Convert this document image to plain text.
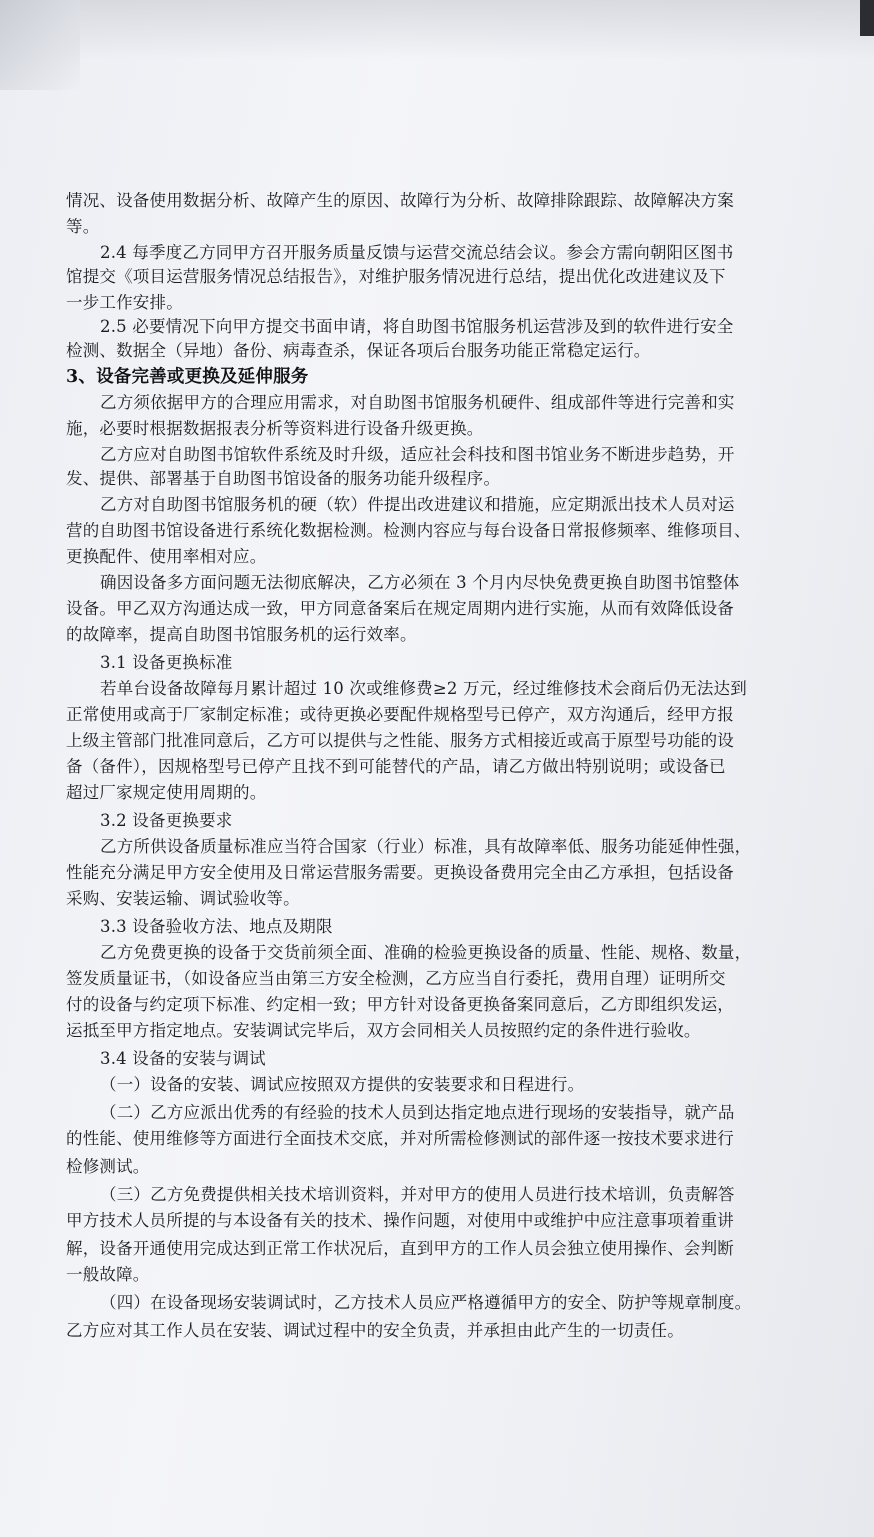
情况、设备使用数据分析、故障产生的原因、故障行为分析、故障排除跟踪、故障解决方案
等。
2.4 每季度乙方同甲方召开服务质量反馈与运营交流总结会议。参会方需向朝阳区图书
馆提交《项目运营服务情况总结报告》，对维护服务情况进行总结，提出优化改进建议及下
一步工作安排。
2.5 必要情况下向甲方提交书面申请，将自助图书馆服务机运营涉及到的软件进行安全
检测、数据全（异地）备份、病毒查杀，保证各项后台服务功能正常稳定运行。
3、设备完善或更换及延伸服务
乙方须依据甲方的合理应用需求，对自助图书馆服务机硬件、组成部件等进行完善和实
施，必要时根据数据报表分析等资料进行设备升级更换。
乙方应对自助图书馆软件系统及时升级，适应社会科技和图书馆业务不断进步趋势，开
发、提供、部署基于自助图书馆设备的服务功能升级程序。
乙方对自助图书馆服务机的硬（软）件提出改进建议和措施，应定期派出技术人员对运
营的自助图书馆设备进行系统化数据检测。检测内容应与每台设备日常报修频率、维修项目、
更换配件、使用率相对应。
确因设备多方面问题无法彻底解决，乙方必须在 3 个月内尽快免费更换自助图书馆整体
设备。甲乙双方沟通达成一致，甲方同意备案后在规定周期内进行实施，从而有效降低设备
的故障率，提高自助图书馆服务机的运行效率。
3.1 设备更换标准
若单台设备故障每月累计超过 10 次或维修费≥2 万元，经过维修技术会商后仍无法达到
正常使用或高于厂家制定标准；或待更换必要配件规格型号已停产，双方沟通后，经甲方报
上级主管部门批准同意后，乙方可以提供与之性能、服务方式相接近或高于原型号功能的设
备（备件），因规格型号已停产且找不到可能替代的产品，请乙方做出特别说明；或设备已
超过厂家规定使用周期的。
3.2 设备更换要求
乙方所供设备质量标准应当符合国家（行业）标准，具有故障率低、服务功能延伸性强，
性能充分满足甲方安全使用及日常运营服务需要。更换设备费用完全由乙方承担，包括设备
采购、安装运输、调试验收等。
3.3 设备验收方法、地点及期限
乙方免费更换的设备于交货前须全面、准确的检验更换设备的质量、性能、规格、数量，
签发质量证书，（如设备应当由第三方安全检测，乙方应当自行委托，费用自理）证明所交
付的设备与约定项下标准、约定相一致；甲方针对设备更换备案同意后，乙方即组织发运，
运抵至甲方指定地点。安装调试完毕后，双方会同相关人员按照约定的条件进行验收。
3.4 设备的安装与调试
（一）设备的安装、调试应按照双方提供的安装要求和日程进行。
（二）乙方应派出优秀的有经验的技术人员到达指定地点进行现场的安装指导，就产品
的性能、使用维修等方面进行全面技术交底，并对所需检修测试的部件逐一按技术要求进行
检修测试。
（三）乙方免费提供相关技术培训资料，并对甲方的使用人员进行技术培训，负责解答
甲方技术人员所提的与本设备有关的技术、操作问题，对使用中或维护中应注意事项着重讲
解，设备开通使用完成达到正常工作状况后，直到甲方的工作人员会独立使用操作、会判断
一般故障。
（四）在设备现场安装调试时，乙方技术人员应严格遵循甲方的安全、防护等规章制度。
乙方应对其工作人员在安装、调试过程中的安全负责，并承担由此产生的一切责任。
